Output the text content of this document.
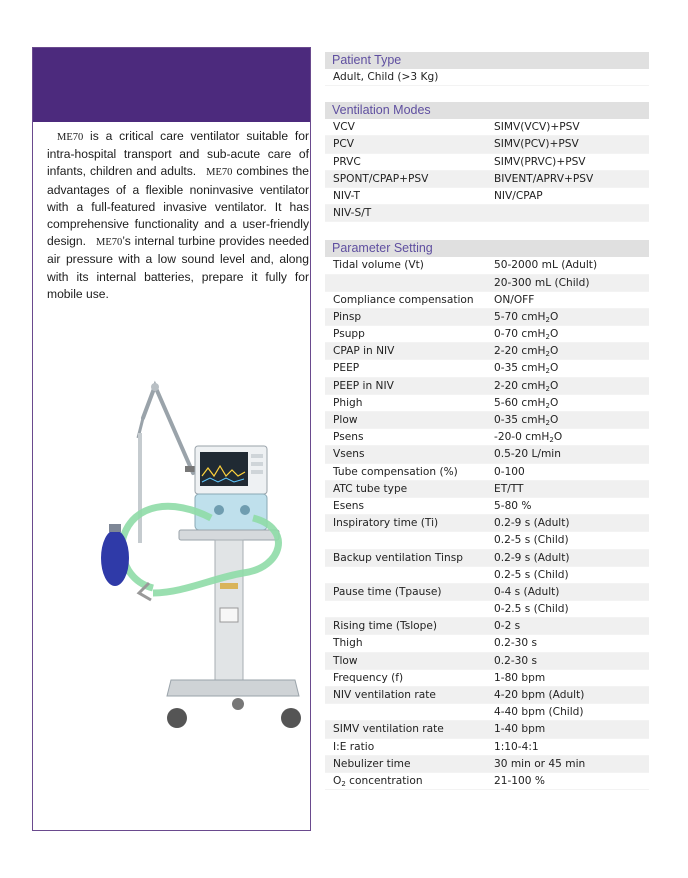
ME70 is a critical care ventilator suitable for intra-hospital transport and sub-acute care of infants, children and adults. ME70 combines the advantages of a flexible noninvasive ventilator with a full-featured invasive ventilator. It has comprehensive functionality and a user-friendly design. ME70’s internal turbine provides needed air pressure with a low sound level and, along with its internal batteries, prepare it fully for mobile use.

Patient Type
Adult, Child (>3 Kg)
Ventilation Modes
VCV	SIMV(VCV)+PSV
PCV	SIMV(PCV)+PSV
PRVC	SIMV(PRVC)+PSV
SPONT/CPAP+PSV	BIVENT/APRV+PSV
NIV-T	NIV/CPAP
NIV-S/T
Parameter Setting
Tidal volume (Vt)	50-2000 mL (Adult)
20-300 mL (Child)
Compliance compensation	ON/OFF
Pinsp	5-70 cmH$_2$O
Psupp	0-70 cmH$_2$O
CPAP in NIV	2-20 cmH$_2$O
PEEP	0-35 cmH$_2$O
PEEP in NIV	2-20 cmH$_2$O
Phigh	5-60 cmH$_2$O
Plow	0-35 cmH$_2$O
Psens	-20-0 cmH$_2$O
Vsens	0.5-20 L/min
Tube compensation (%)	0-100
ATC tube type	ET/TT
Esens	5-80 %
Inspiratory time (Ti)	0.2-9 s (Adult)
0.2-5 s (Child)
Backup ventilation Tinsp	0.2-9 s (Adult)
0.2-5 s (Child)
Pause time (Tpause)	0-4 s (Adult)
0-2.5 s (Child)
Rising time (Tslope)	0-2 s
Thigh	0.2-30 s
Tlow	0.2-30 s
Frequency (f)	1-80 bpm
NIV ventilation rate	4-20 bpm (Adult)
4-40 bpm (Child)
SIMV ventilation rate	1-40 bpm
I:E ratio	1:10-4:1
Nebulizer time	30 min or 45 min
$O_2$ concentration	21-100 %
